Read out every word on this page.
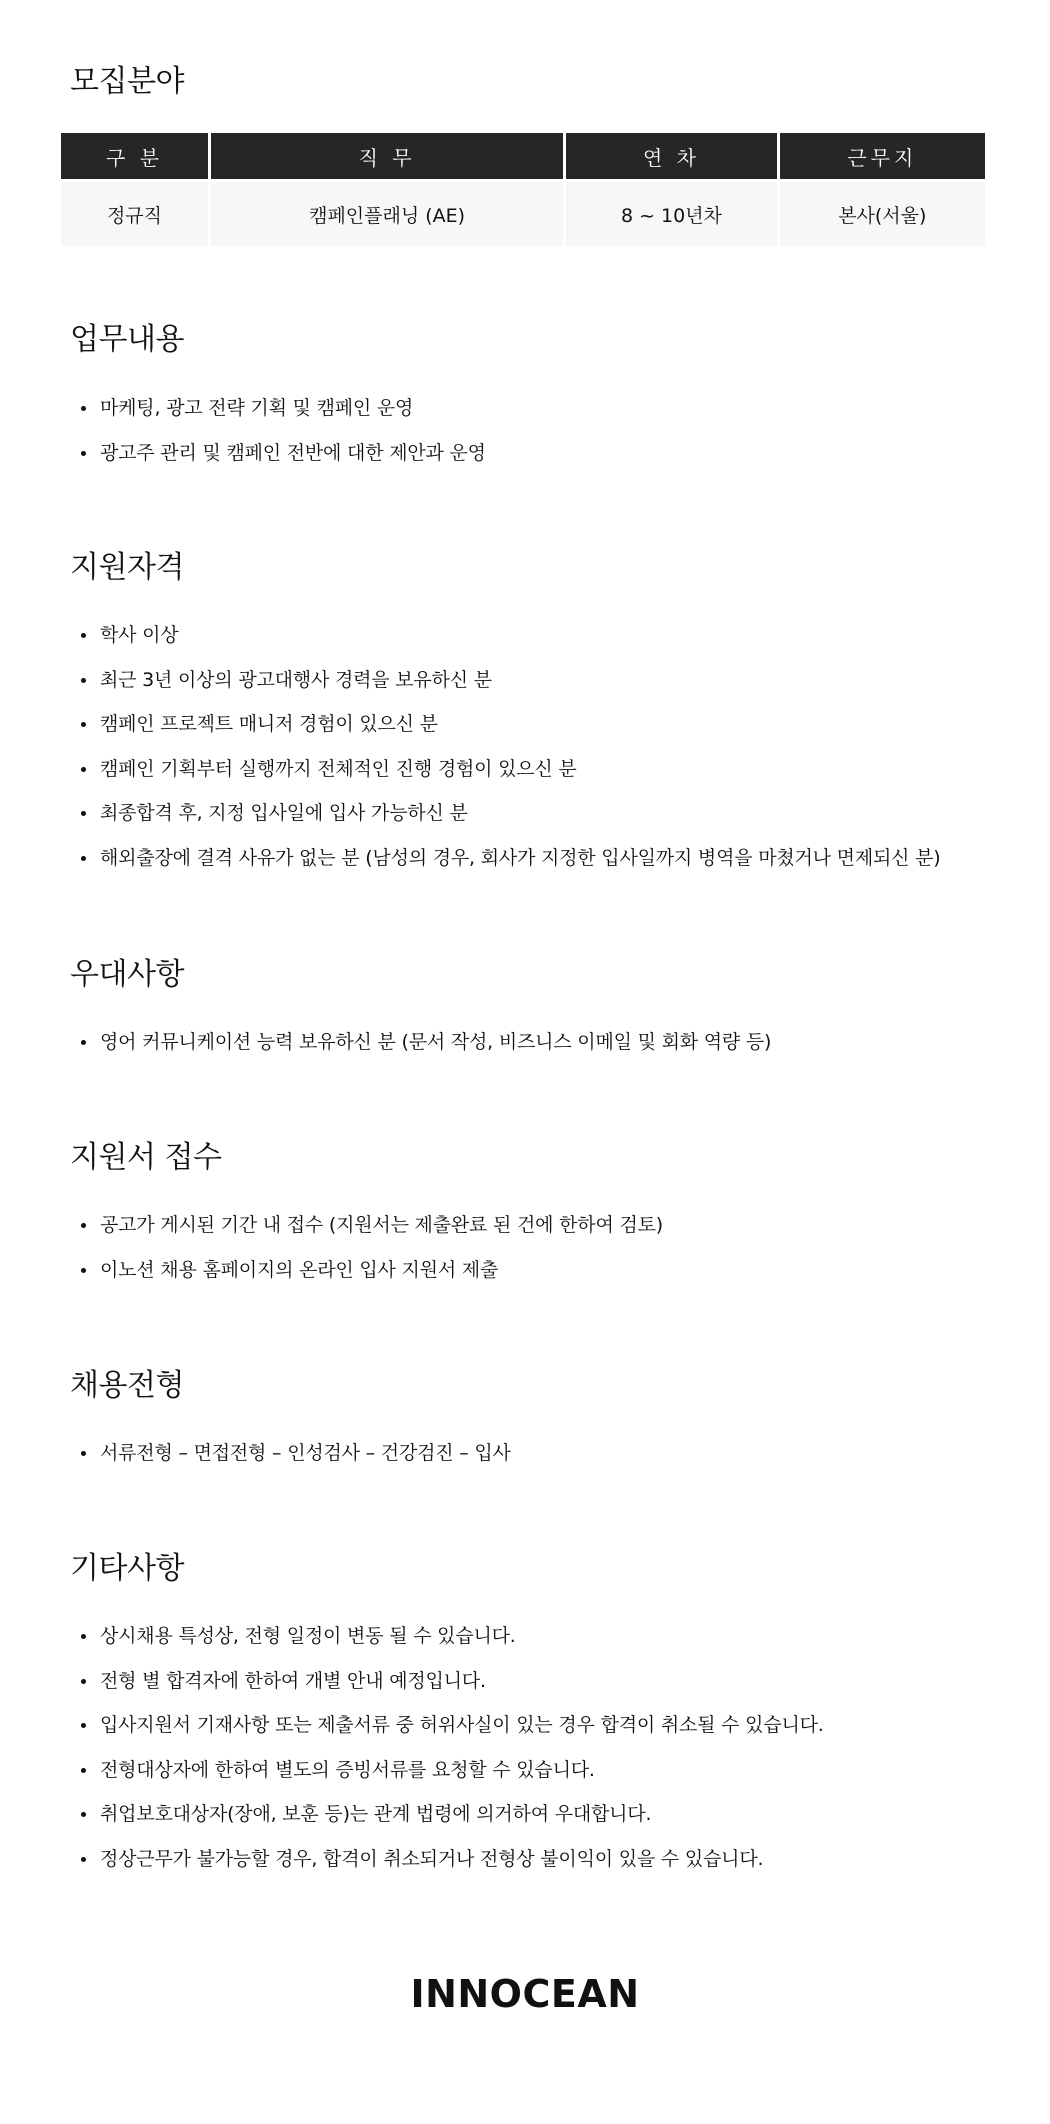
모집분야
구 분	직 무	연 차	근무지
정규직	캠페인플래닝 (AE)	8 ~ 10년차	본사(서울)
업무내용
마케팅, 광고 전략 기획 및 캠페인 운영
광고주 관리 및 캠페인 전반에 대한 제안과 운영
지원자격
학사 이상
최근 3년 이상의 광고대행사 경력을 보유하신 분
캠페인 프로젝트 매니저 경험이 있으신 분
캠페인 기획부터 실행까지 전체적인 진행 경험이 있으신 분
최종합격 후, 지정 입사일에 입사 가능하신 분
해외출장에 결격 사유가 없는 분 (남성의 경우, 회사가 지정한 입사일까지 병역을 마쳤거나 면제되신 분)
우대사항
영어 커뮤니케이션 능력 보유하신 분 (문서 작성, 비즈니스 이메일 및 회화 역량 등)
지원서 접수
공고가 게시된 기간 내 접수 (지원서는 제출완료 된 건에 한하여 검토)
이노션 채용 홈페이지의 온라인 입사 지원서 제출
채용전형
서류전형 – 면접전형 – 인성검사 – 건강검진 – 입사
기타사항
상시채용 특성상, 전형 일정이 변동 될 수 있습니다.
전형 별 합격자에 한하여 개별 안내 예정입니다.
입사지원서 기재사항 또는 제출서류 중 허위사실이 있는 경우 합격이 취소될 수 있습니다.
전형대상자에 한하여 별도의 증빙서류를 요청할 수 있습니다.
취업보호대상자(장애, 보훈 등)는 관계 법령에 의거하여 우대합니다.
정상근무가 불가능할 경우, 합격이 취소되거나 전형상 불이익이 있을 수 있습니다.
INNOCEAN
